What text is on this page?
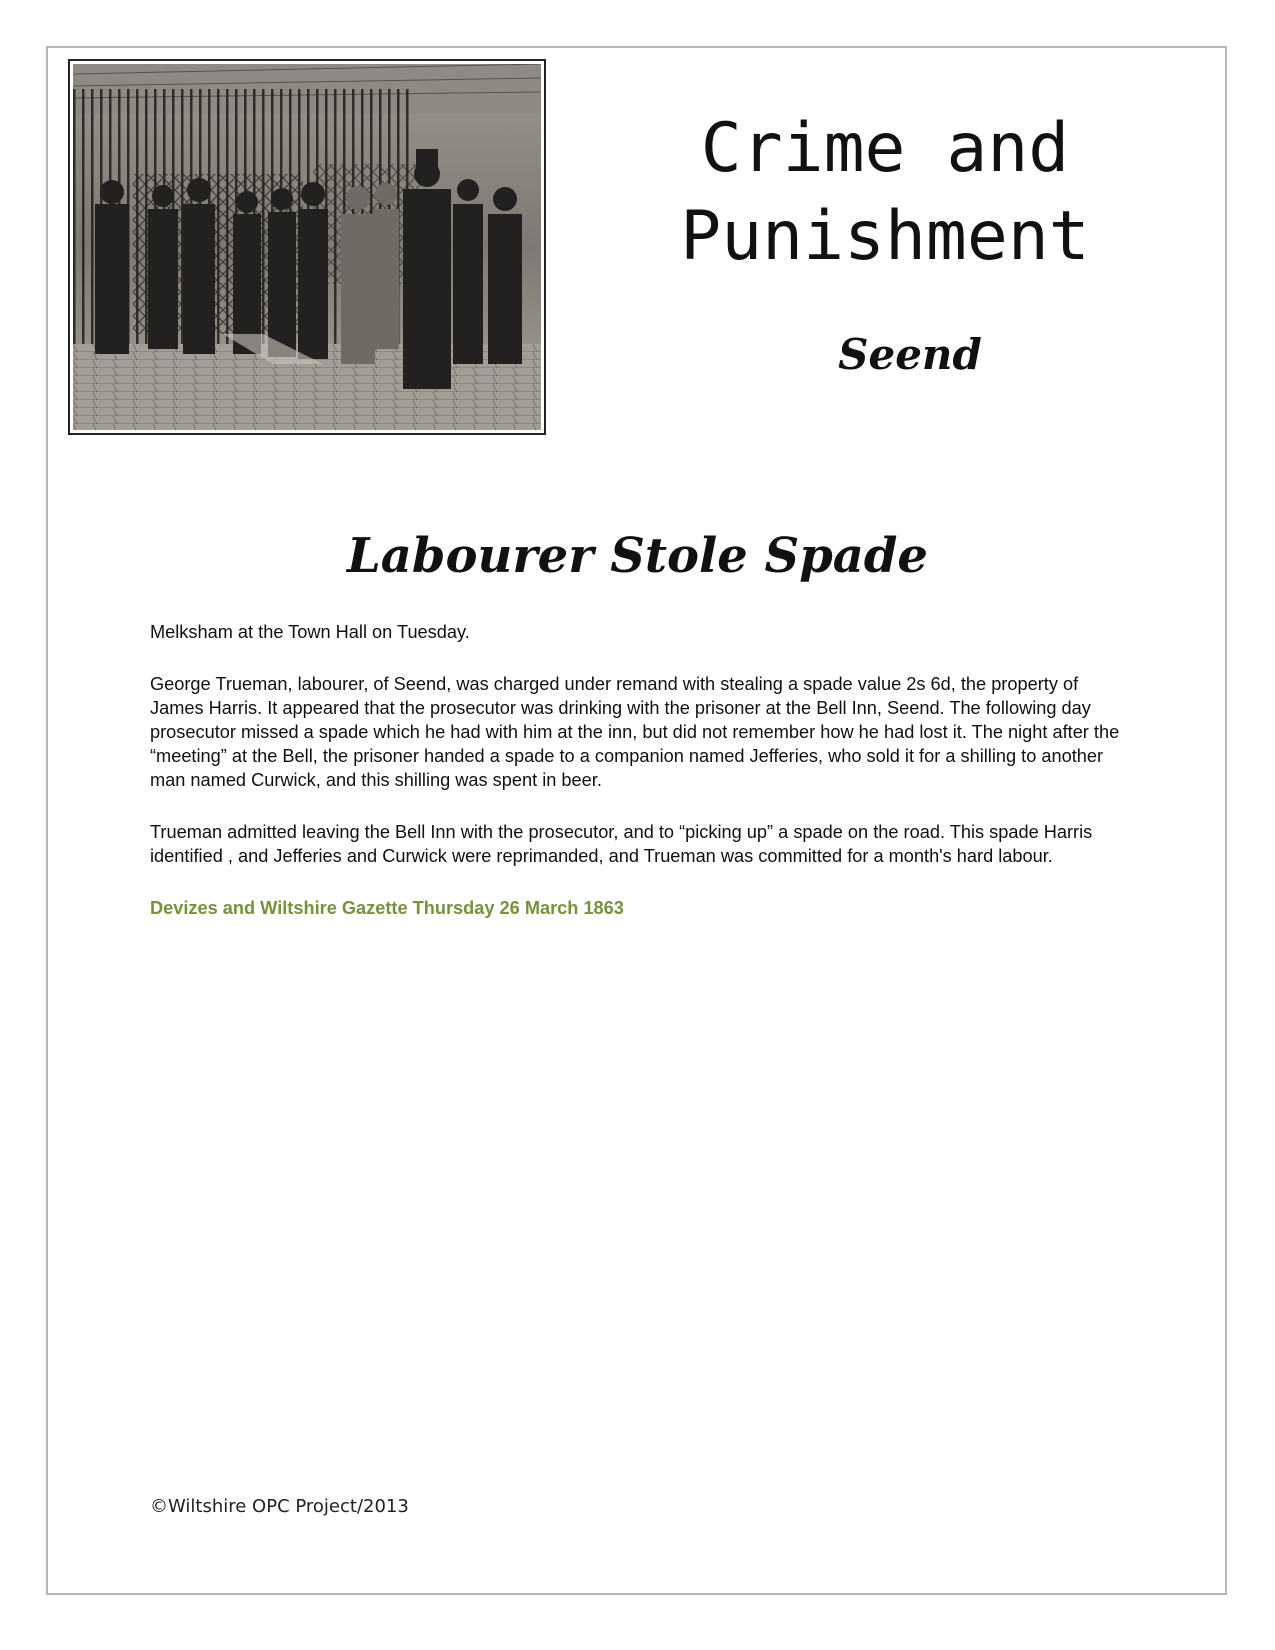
Crime and
Punishment
Seend
Labourer Stole Spade

Melksham at the Town Hall on Tuesday.

George Trueman, labourer, of Seend, was charged under remand with stealing a spade value 2s 6d, the property of James Harris. It appeared that the prosecutor was drinking with the prisoner at the Bell Inn, Seend. The following day prosecutor missed a spade which he had with him at the inn, but did not remember how he had lost it. The night after the “meeting” at the Bell, the prisoner handed a spade to a companion named Jefferies, who sold it for a shilling to another man named Curwick, and this shilling was spent in beer.

Trueman admitted leaving the Bell Inn with the prosecutor, and to “picking up” a spade on the road. This spade Harris identified , and Jefferies and Curwick were reprimanded, and Trueman was committed for a month's hard labour.

Devizes and Wiltshire Gazette Thursday 26 March 1863

©Wiltshire OPC Project/2013
